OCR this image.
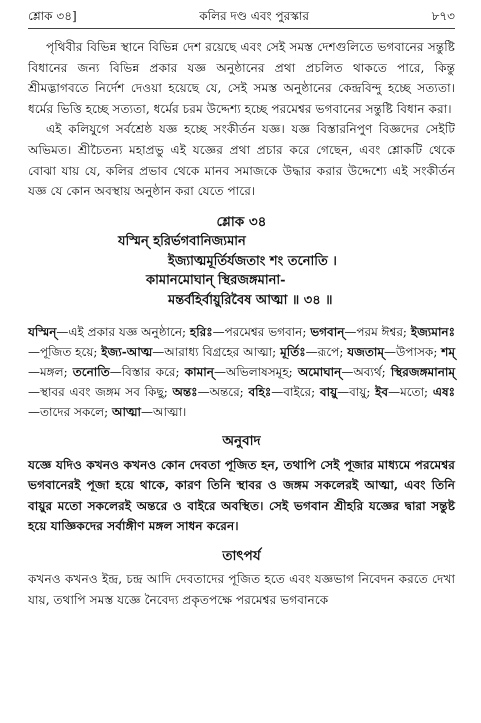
শ্লোক ৩৪]	কলির দণ্ড এবং পুরস্কার	৮৭৩

পৃথিবীর বিভিন্ন স্থানে বিভিন্ন দেশ রয়েছে এবং সেই সমস্ত দেশগুলিতে ভগবানের সন্তুষ্টি বিধানের জন্য বিভিন্ন প্রকার যজ্ঞ অনুষ্ঠানের প্রথা প্রচলিত থাকতে পারে, কিন্তু শ্রীমদ্ভাগবতে নির্দেশ দেওয়া হয়েছে যে, সেই সমস্ত অনুষ্ঠানের কেন্দ্রবিন্দু হচ্ছে সত্যতা। ধর্মের ভিত্তি হচ্ছে সত্যতা, ধর্মের চরম উদ্দেশ্য হচ্ছে পরমেশ্বর ভগবানের সন্তুষ্টি বিধান করা।

এই কলিযুগে সর্বশ্রেষ্ঠ যজ্ঞ হচ্ছে সংকীর্তন যজ্ঞ। যজ্ঞ বিস্তারনিপুণ বিজ্ঞদের সেইটি অভিমত। শ্রীচৈতন্য মহাপ্রভু এই যজ্ঞের প্রথা প্রচার করে গেছেন, এবং শ্লোকটি থেকে বোঝা যায় যে, কলির প্রভাব থেকে মানব সমাজকে উদ্ধার করার উদ্দেশ্যে এই সংকীর্তন যজ্ঞ যে কোন অবস্থায় অনুষ্ঠান করা যেতে পারে।

শ্লোক ৩৪
যস্মিন্ হরির্ভগবানিজ্যমান
ইজ্যাত্মমূর্তির্যজতাং শং তনোতি ।
কামানমোঘান্ স্থিরজঙ্গমানা-
মন্তর্বহির্বায়ুরিবৈষ আত্মা ॥ ৩৪ ॥

যস্মিন্—এই প্রকার যজ্ঞ অনুষ্ঠানে; হরিঃ—পরমেশ্বর ভগবান; ভগবান্—পরম ঈশ্বর; ইজ্যমানঃ—পূজিত হয়ে; ইজ্য-আত্ম—আরাধ্য বিগ্রহের আত্মা; মূর্তিঃ—রূপে; যজতাম্—উপাসক; শম্—মঙ্গল; তনোতি—বিস্তার করে; কামান্—অভিলাষসমূহ; অমোঘান্—অব্যর্থ; স্থিরজঙ্গমানাম্—স্থাবর এবং জঙ্গম সব কিছু; অন্তঃ—অন্তরে; বহিঃ—বাইরে; বায়ু—বায়ু; ইব—মতো; এষঃ—তাদের সকলে; আত্মা—আত্মা।

অনুবাদ

যজ্ঞে যদিও কখনও কখনও কোন দেবতা পূজিত হন, তথাপি সেই পূজার মাধ্যমে পরমেশ্বর ভগবানেরই পূজা হয়ে থাকে, কারণ তিনি স্থাবর ও জঙ্গম সকলেরই আত্মা, এবং তিনি বায়ুর মতো সকলেরই অন্তরে ও বাইরে অবস্থিত। সেই ভগবান শ্রীহরি যজ্ঞের দ্বারা সন্তুষ্ট হয়ে যাজ্ঞিকদের সর্বাঙ্গীণ মঙ্গল সাধন করেন।

তাৎপর্য

কখনও কখনও ইন্দ্র, চন্দ্র আদি দেবতাদের পূজিত হতে এবং যজ্ঞভাগ নিবেদন করতে দেখা যায়, তথাপি সমস্ত যজ্ঞে নৈবেদ্য প্রকৃতপক্ষে পরমেশ্বর ভগবানকে
